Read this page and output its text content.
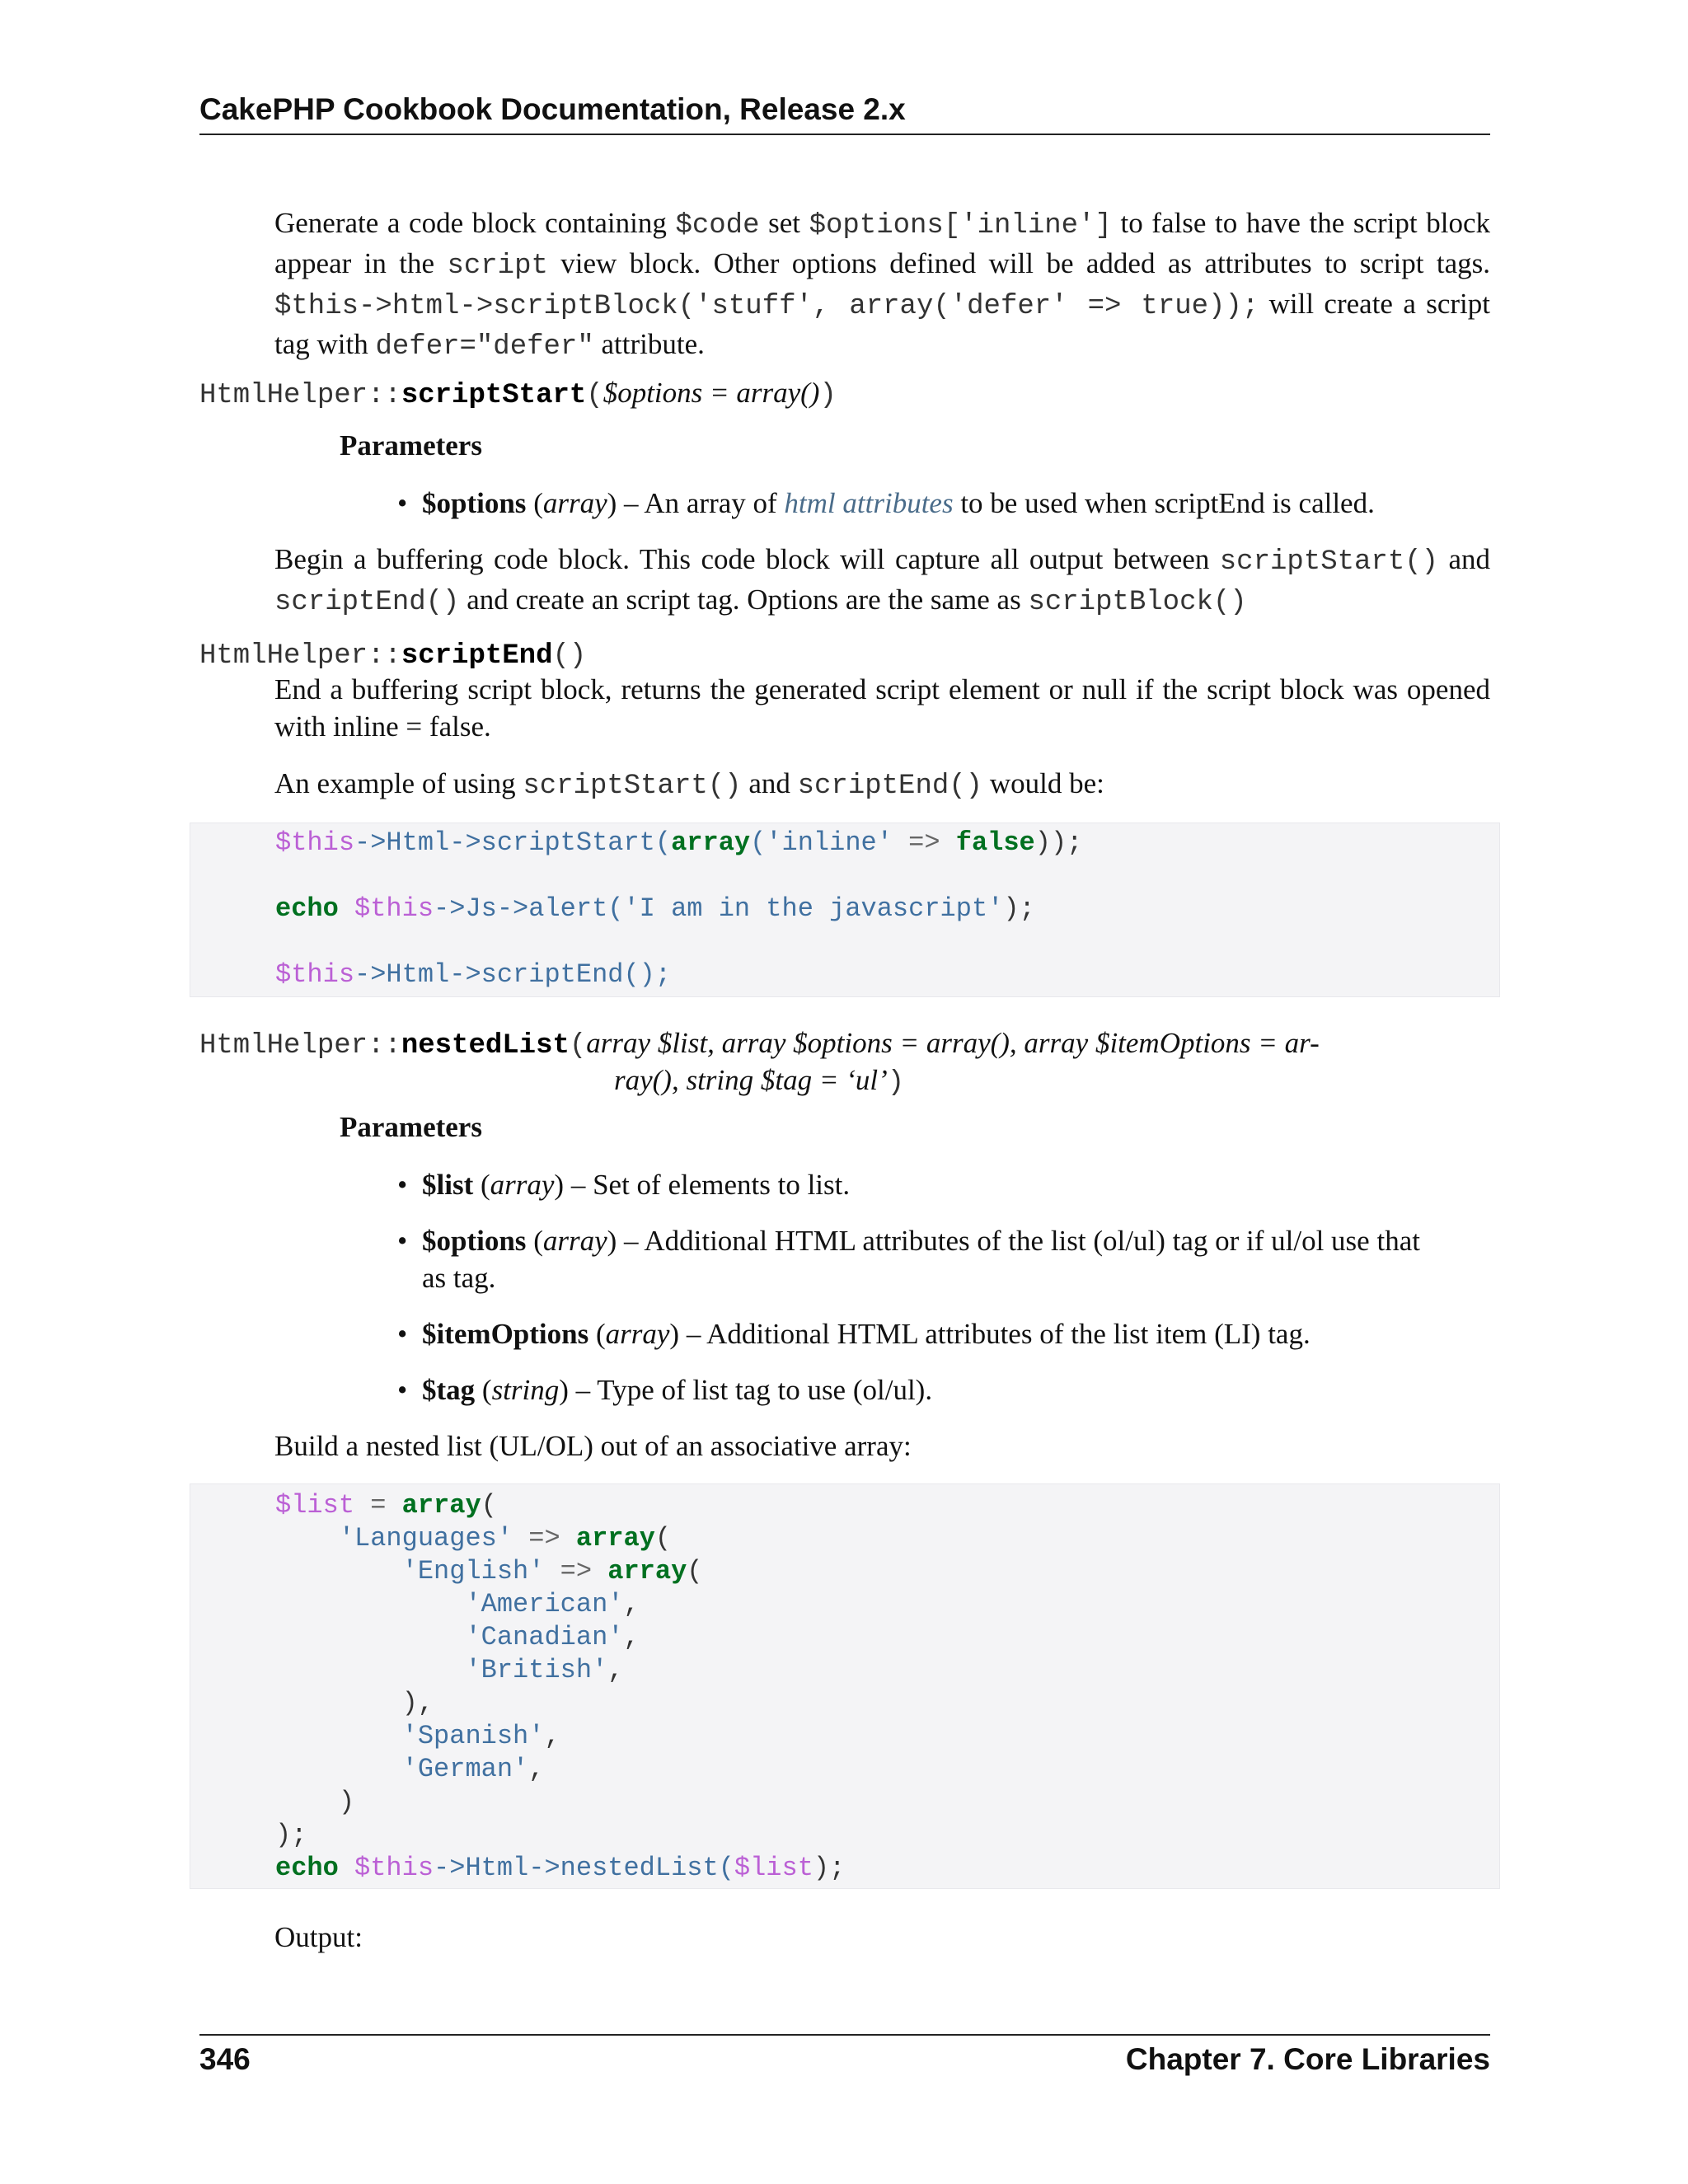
CakePHP Cookbook Documentation, Release 2.x
Generate a code block containing $code set $options['inline'] to false to have the script block appear in the script view block. Other options defined will be added as attributes to script tags. $this->html->scriptBlock('stuff', array('defer' => true)); will create a script tag with defer="defer" attribute.
HtmlHelper::scriptStart($options = array())
Parameters
• $options (array) – An array of html attributes to be used when scriptEnd is called.
Begin a buffering code block. This code block will capture all output between scriptStart() and scriptEnd() and create an script tag. Options are the same as scriptBlock()
HtmlHelper::scriptEnd()
End a buffering script block, returns the generated script element or null if the script block was opened with inline = false.
An example of using scriptStart() and scriptEnd() would be:
$this->Html->scriptStart(array('inline' => false));
echo $this->Js->alert('I am in the javascript');
$this->Html->scriptEnd();
HtmlHelper::nestedList(array $list, array $options = array(), array $itemOptions = ar-
ray(), string $tag = ‘ul’)
Parameters
• $list (array) – Set of elements to list.
• $options (array) – Additional HTML attributes of the list (ol/ul) tag or if ul/ol use that as tag.
• $itemOptions (array) – Additional HTML attributes of the list item (LI) tag.
• $tag (string) – Type of list tag to use (ol/ul).
Build a nested list (UL/OL) out of an associative array:
$list = array(
'Languages' => array(
'English' => array(
'American',
'Canadian',
'British',
),
'Spanish',
'German',
)
);
echo $this->Html->nestedList($list);
Output:
346	Chapter 7. Core Libraries
